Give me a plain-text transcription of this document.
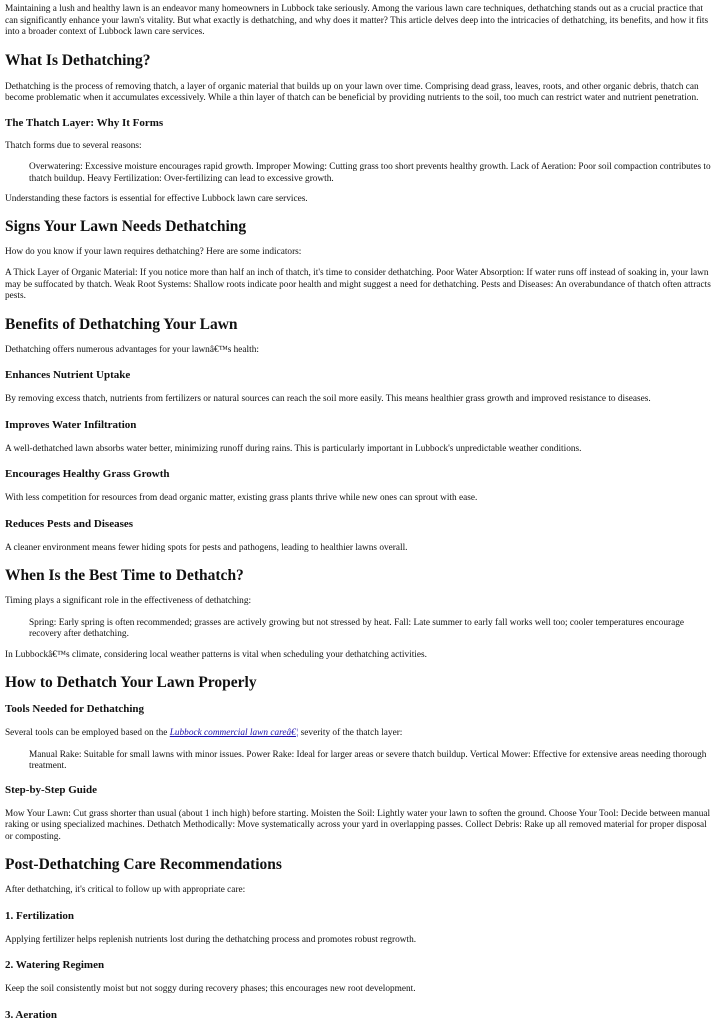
Maintaining a lush and healthy lawn is an endeavor many homeowners in Lubbock take seriously. Among the various lawn care techniques, dethatching stands out as a crucial practice that can significantly enhance your lawn's vitality. But what exactly is dethatching, and why does it matter? This article delves deep into the intricacies of dethatching, its benefits, and how it fits into a broader context of Lubbock lawn care services.

What Is Dethatching?

Dethatching is the process of removing thatch, a layer of organic material that builds up on your lawn over time. Comprising dead grass, leaves, roots, and other organic debris, thatch can become problematic when it accumulates excessively. While a thin layer of thatch can be beneficial by providing nutrients to the soil, too much can restrict water and nutrient penetration.

The Thatch Layer: Why It Forms

Thatch forms due to several reasons:

Overwatering: Excessive moisture encourages rapid growth. Improper Mowing: Cutting grass too short prevents healthy growth. Lack of Aeration: Poor soil compaction contributes to thatch buildup. Heavy Fertilization: Over-fertilizing can lead to excessive growth.

Understanding these factors is essential for effective Lubbock lawn care services.

Signs Your Lawn Needs Dethatching

How do you know if your lawn requires dethatching? Here are some indicators:

A Thick Layer of Organic Material: If you notice more than half an inch of thatch, it's time to consider dethatching. Poor Water Absorption: If water runs off instead of soaking in, your lawn may be suffocated by thatch. Weak Root Systems: Shallow roots indicate poor health and might suggest a need for dethatching. Pests and Diseases: An overabundance of thatch often attracts pests.

Benefits of Dethatching Your Lawn

Dethatching offers numerous advantages for your lawnâ€™s health:

Enhances Nutrient Uptake

By removing excess thatch, nutrients from fertilizers or natural sources can reach the soil more easily. This means healthier grass growth and improved resistance to diseases.

Improves Water Infiltration

A well-dethatched lawn absorbs water better, minimizing runoff during rains. This is particularly important in Lubbock's unpredictable weather conditions.

Encourages Healthy Grass Growth

With less competition for resources from dead organic matter, existing grass plants thrive while new ones can sprout with ease.

Reduces Pests and Diseases

A cleaner environment means fewer hiding spots for pests and pathogens, leading to healthier lawns overall.

When Is the Best Time to Dethatch?

Timing plays a significant role in the effectiveness of dethatching:

Spring: Early spring is often recommended; grasses are actively growing but not stressed by heat. Fall: Late summer to early fall works well too; cooler temperatures encourage recovery after dethatching.

In Lubbockâ€™s climate, considering local weather patterns is vital when scheduling your dethatching activities.

How to Dethatch Your Lawn Properly
Tools Needed for Dethatching

Several tools can be employed based on the Lubbock commercial lawn careâ€¦ severity of the thatch layer:

Manual Rake: Suitable for small lawns with minor issues. Power Rake: Ideal for larger areas or severe thatch buildup. Vertical Mower: Effective for extensive areas needing thorough treatment.
Step-by-Step Guide

Mow Your Lawn: Cut grass shorter than usual (about 1 inch high) before starting. Moisten the Soil: Lightly water your lawn to soften the ground. Choose Your Tool: Decide between manual raking or using specialized machines. Dethatch Methodically: Move systematically across your yard in overlapping passes. Collect Debris: Rake up all removed material for proper disposal or composting.

Post-Dethatching Care Recommendations

After dethatching, it's critical to follow up with appropriate care:

1. Fertilization

Applying fertilizer helps replenish nutrients lost during the dethatching process and promotes robust regrowth.

2. Watering Regimen

Keep the soil consistently moist but not soggy during recovery phases; this encourages new root development.

3. Aeration
